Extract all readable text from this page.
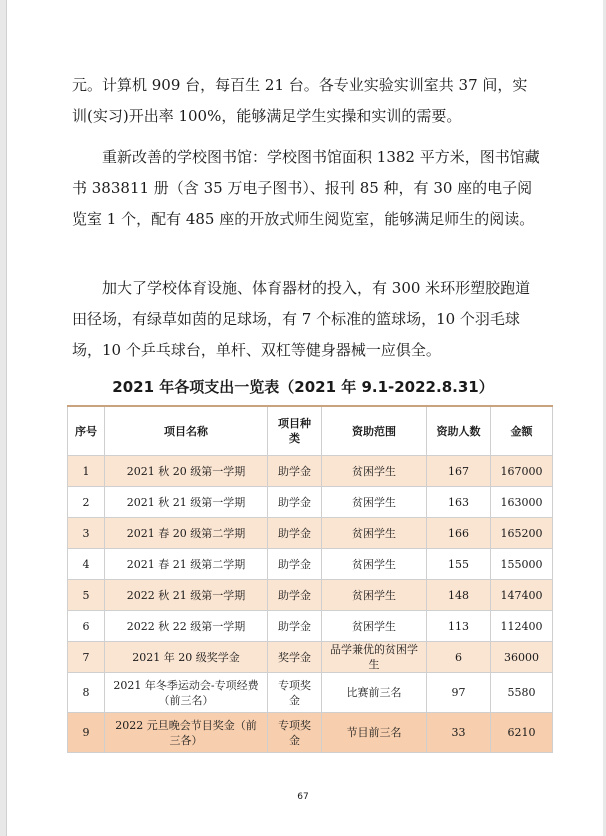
元。计算机 909 台，每百生 21 台。各专业实验实训室共 37 间，实训(实习)开出率 100%，能够满足学生实操和实训的需要。

重新改善的学校图书馆：学校图书馆面积 1382 平方米，图书馆藏书 383811 册（含 35 万电子图书）、报刊 85 种，有 30 座的电子阅览室 1 个，配有 485 座的开放式师生阅览室，能够满足师生的阅读。

加大了学校体育设施、体育器材的投入，有 300 米环形塑胶跑道田径场，有绿草如茵的足球场，有 7 个标准的篮球场，10 个羽毛球场，10 个乒乓球台，单杆、双杠等健身器械一应俱全。

2021 年各项支出一览表（2021 年 9.1-2022.8.31）
序号	项目名称	项目种类	资助范围	资助人数	金额
1	2021 秋 20 级第一学期	助学金	贫困学生	167	167000
2	2021 秋 21 级第一学期	助学金	贫困学生	163	163000
3	2021 春 20 级第二学期	助学金	贫困学生	166	165200
4	2021 春 21 级第二学期	助学金	贫困学生	155	155000
5	2022 秋 21 级第一学期	助学金	贫困学生	148	147400
6	2022 秋 22 级第一学期	助学金	贫困学生	113	112400
7	2021 年 20 级奖学金	奖学金	品学兼优的贫困学生	6	36000
8	2021 年冬季运动会-专项经费（前三名）	专项奖金	比赛前三名	97	5580
9	2022 元旦晚会节目奖金（前三各）	专项奖金	节目前三名	33	6210
67
